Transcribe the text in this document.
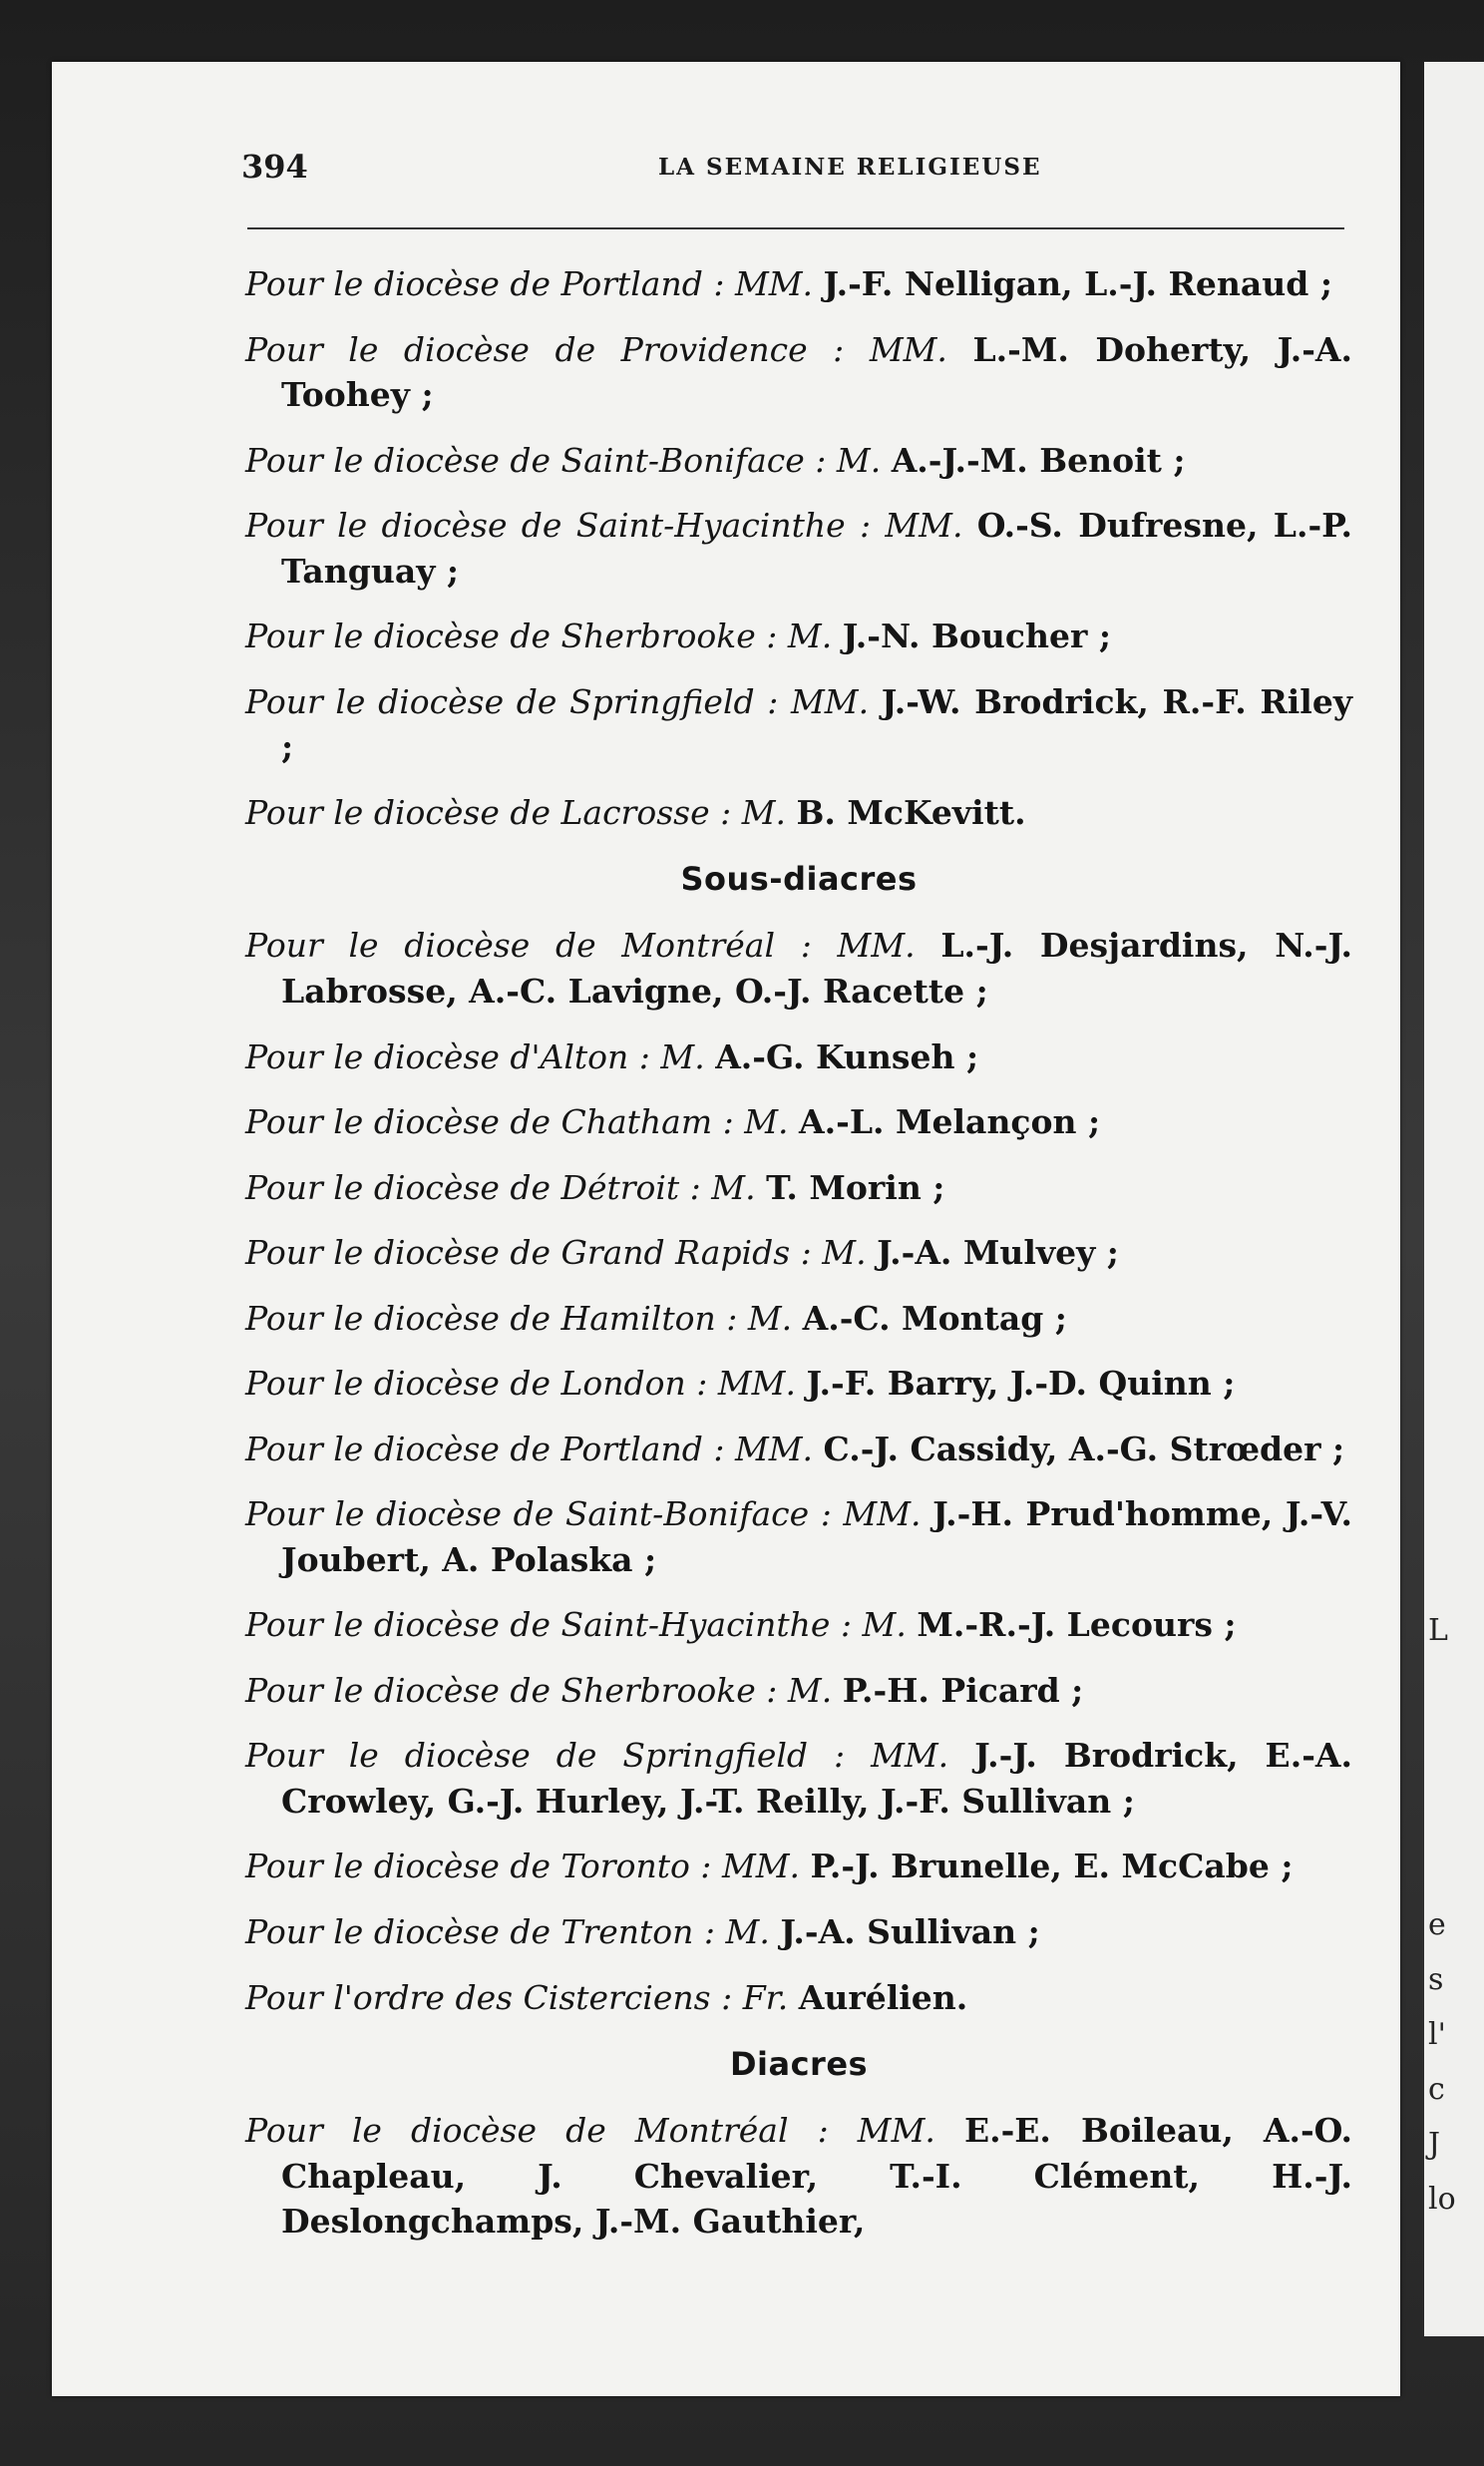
L
e
s
l'
c
J
lo
394	LA SEMAINE RELIGIEUSE
Pour le diocèse de Portland : MM. J.-F. Nelligan, L.-J. Renaud ;
Pour le diocèse de Providence : MM. L.-M. Doherty, J.-A. Toohey ;
Pour le diocèse de Saint-Boniface : M. A.-J.-M. Benoit ;
Pour le diocèse de Saint-Hyacinthe : MM. O.-S. Dufresne, L.-P. Tanguay ;
Pour le diocèse de Sherbrooke : M. J.-N. Boucher ;
Pour le diocèse de Springfield : MM. J.-W. Brodrick, R.-F. Riley ;
Pour le diocèse de Lacrosse : M. B. McKevitt.
Sous-diacres
Pour le diocèse de Montréal : MM. L.-J. Desjardins, N.-J. Labrosse, A.-C. Lavigne, O.-J. Racette ;
Pour le diocèse d'Alton : M. A.-G. Kunseh ;
Pour le diocèse de Chatham : M. A.-L. Melançon ;
Pour le diocèse de Détroit : M. T. Morin ;
Pour le diocèse de Grand Rapids : M. J.-A. Mulvey ;
Pour le diocèse de Hamilton : M. A.-C. Montag ;
Pour le diocèse de London : MM. J.-F. Barry, J.-D. Quinn ;
Pour le diocèse de Portland : MM. C.-J. Cassidy, A.-G. Strœder ;
Pour le diocèse de Saint-Boniface : MM. J.-H. Prud'homme, J.-V. Joubert, A. Polaska ;
Pour le diocèse de Saint-Hyacinthe : M. M.-R.-J. Lecours ;
Pour le diocèse de Sherbrooke : M. P.-H. Picard ;
Pour le diocèse de Springfield : MM. J.-J. Brodrick, E.-A. Crowley, G.-J. Hurley, J.-T. Reilly, J.-F. Sullivan ;
Pour le diocèse de Toronto : MM. P.-J. Brunelle, E. McCabe ;
Pour le diocèse de Trenton : M. J.-A. Sullivan ;
Pour l'ordre des Cisterciens : Fr. Aurélien.
Diacres
Pour le diocèse de Montréal : MM. E.-E. Boileau, A.-O. Chapleau, J. Chevalier, T.-I. Clément, H.-J. Deslongchamps, J.-M. Gauthier,
